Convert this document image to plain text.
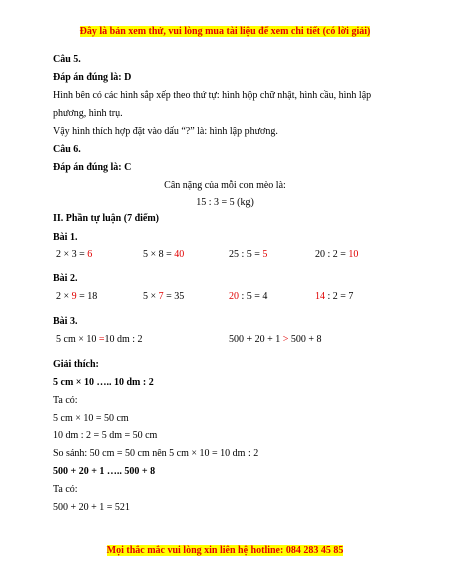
Đây là bản xem thử, vui lòng mua tài liệu để xem chi tiết (có lời giải)
Câu 5.
Đáp án đúng là: D
Hình bên có các hình sắp xếp theo thứ tự: hình hộp chữ nhật, hình cầu, hình lập
phương, hình trụ.
Vậy hình thích hợp đặt vào dấu “?” là: hình lập phương.
Câu 6.
Đáp án đúng là: C
Cân nặng của mỗi con mèo là:
15 : 3 = 5 (kg)
II. Phần tự luận (7 điểm)
Bài 1.
2 × 3 = 6	5 × 8 = 40	25 : 5 = 5	20 : 2 = 10
Bài 2.
2 × 9 = 18	5 × 7 = 35	20 : 5 = 4	14 : 2 = 7
Bài 3.
5 cm × 10 =10 dm : 2	500 + 20 + 1 > 500 + 8
Giải thích:
5 cm × 10 ….. 10 dm : 2
Ta có:
5 cm × 10 = 50 cm
10 dm : 2 = 5 dm = 50 cm
So sánh: 50 cm = 50 cm nên 5 cm × 10 = 10 dm : 2
500 + 20 + 1 ….. 500 + 8
Ta có:
500 + 20 + 1 = 521
Mọi thắc mắc vui lòng xin liên hệ hotline: 084 283 45 85
